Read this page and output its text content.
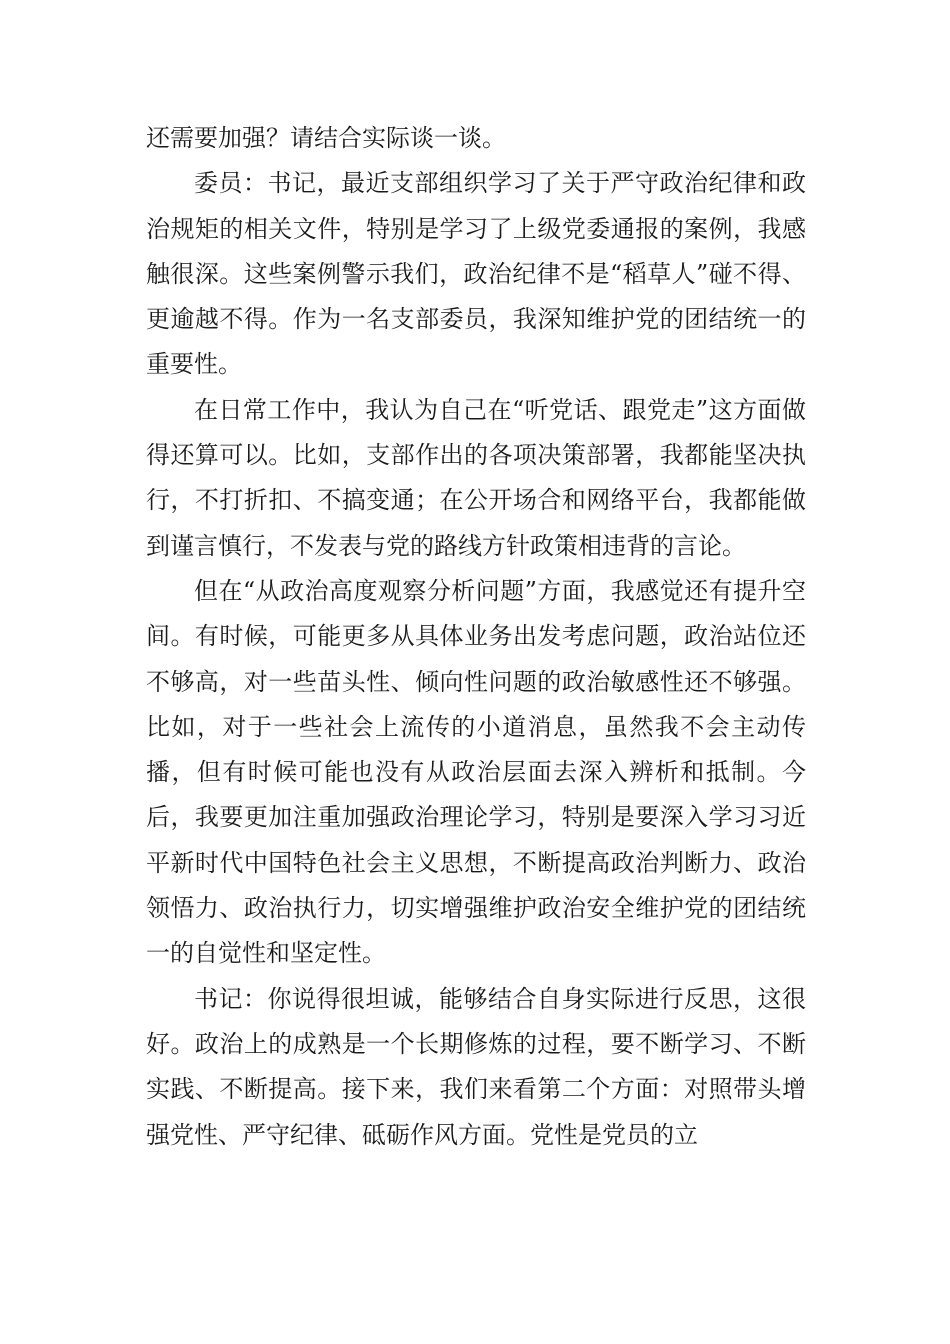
还需要加强？请结合实际谈一谈。

委员：书记，最近支部组织学习了关于严守政治纪律和政治规矩的相关文件，特别是学习了上级党委通报的案例，我感触很深。这些案例警示我们，政治纪律不是“稻草人”碰不得、更逾越不得。作为一名支部委员，我深知维护党的团结统一的重要性。

在日常工作中，我认为自己在“听党话、跟党走”这方面做得还算可以。比如，支部作出的各项决策部署，我都能坚决执行，不打折扣、不搞变通；在公开场合和网络平台，我都能做到谨言慎行，不发表与党的路线方针政策相违背的言论。

但在“从政治高度观察分析问题”方面，我感觉还有提升空间。有时候，可能更多从具体业务出发考虑问题，政治站位还不够高，对一些苗头性、倾向性问题的政治敏感性还不够强。比如，对于一些社会上流传的小道消息，虽然我不会主动传播，但有时候可能也没有从政治层面去深入辨析和抵制。今后，我要更加注重加强政治理论学习，特别是要深入学习习近平新时代中国特色社会主义思想，不断提高政治判断力、政治领悟力、政治执行力，切实增强维护政治安全维护党的团结统一的自觉性和坚定性。

书记：你说得很坦诚，能够结合自身实际进行反思，这很好。政治上的成熟是一个长期修炼的过程，要不断学习、不断实践、不断提高。接下来，我们来看第二个方面：对照带头增强党性、严守纪律、砥砺作风方面。党性是党员的立
